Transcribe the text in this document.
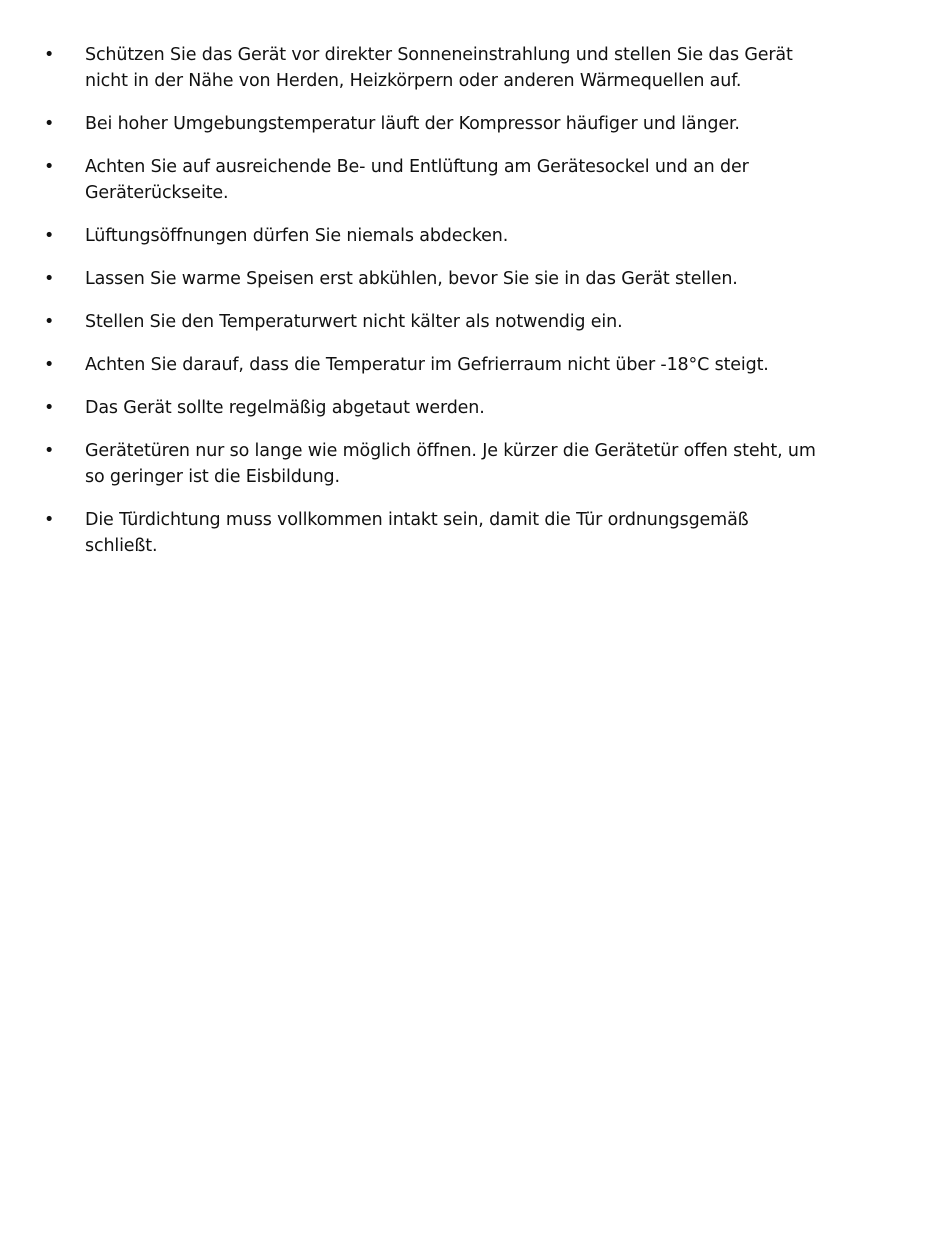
•	Schützen Sie das Gerät vor direkter Sonneneinstrahlung und stellen Sie das Gerät nicht in der Nähe von Herden, Heizkörpern oder anderen Wärmequellen auf.
•	Bei hoher Umgebungstemperatur läuft der Kompressor häufiger und länger.
•	Achten Sie auf ausreichende Be- und Entlüftung am Gerätesockel und an der Geräterückseite.
•	Lüftungsöffnungen dürfen Sie niemals abdecken.
•	Lassen Sie warme Speisen erst abkühlen, bevor Sie sie in das Gerät stellen.
•	Stellen Sie den Temperaturwert nicht kälter als notwendig ein.
•	Achten Sie darauf, dass die Temperatur im Gefrierraum nicht über -18°C steigt.
•	Das Gerät sollte regelmäßig abgetaut werden.
•	Gerätetüren nur so lange wie möglich öffnen. Je kürzer die Gerätetür offen steht, um so geringer ist die Eisbildung.
•	Die Türdichtung muss vollkommen intakt sein, damit die Tür ordnungsgemäß schließt.
